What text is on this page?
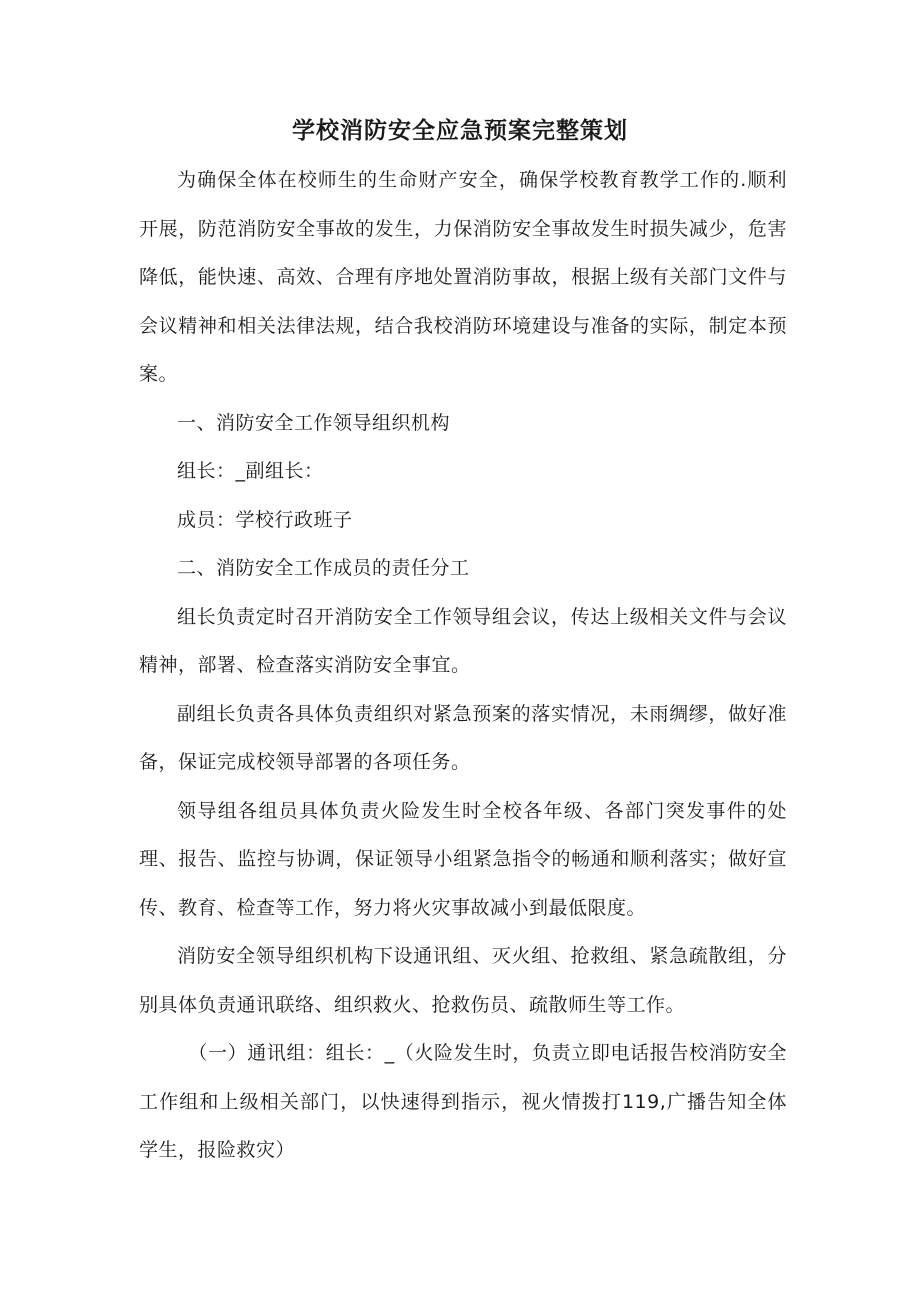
学校消防安全应急预案完整策划

为确保全体在校师生的生命财产安全，确保学校教育教学工作的.顺利开展，防范消防安全事故的发生，力保消防安全事故发生时损失减少，危害降低，能快速、高效、合理有序地处置消防事故，根据上级有关部门文件与会议精神和相关法律法规，结合我校消防环境建设与准备的实际，制定本预案。

一、消防安全工作领导组织机构

组长：_副组长：

成员：学校行政班子

二、消防安全工作成员的责任分工

组长负责定时召开消防安全工作领导组会议，传达上级相关文件与会议精神，部署、检查落实消防安全事宜。

副组长负责各具体负责组织对紧急预案的落实情况，未雨绸缪，做好准备，保证完成校领导部署的各项任务。

领导组各组员具体负责火险发生时全校各年级、各部门突发事件的处理、报告、监控与协调，保证领导小组紧急指令的畅通和顺利落实；做好宣传、教育、检查等工作，努力将火灾事故减小到最低限度。

消防安全领导组织机构下设通讯组、灭火组、抢救组、紧急疏散组，分别具体负责通讯联络、组织救火、抢救伤员、疏散师生等工作。

（一）通讯组：组长：_（火险发生时，负责立即电话报告校消防安全工作组和上级相关部门，以快速得到指示，视火情拨打119,广播告知全体学生，报险救灾）
